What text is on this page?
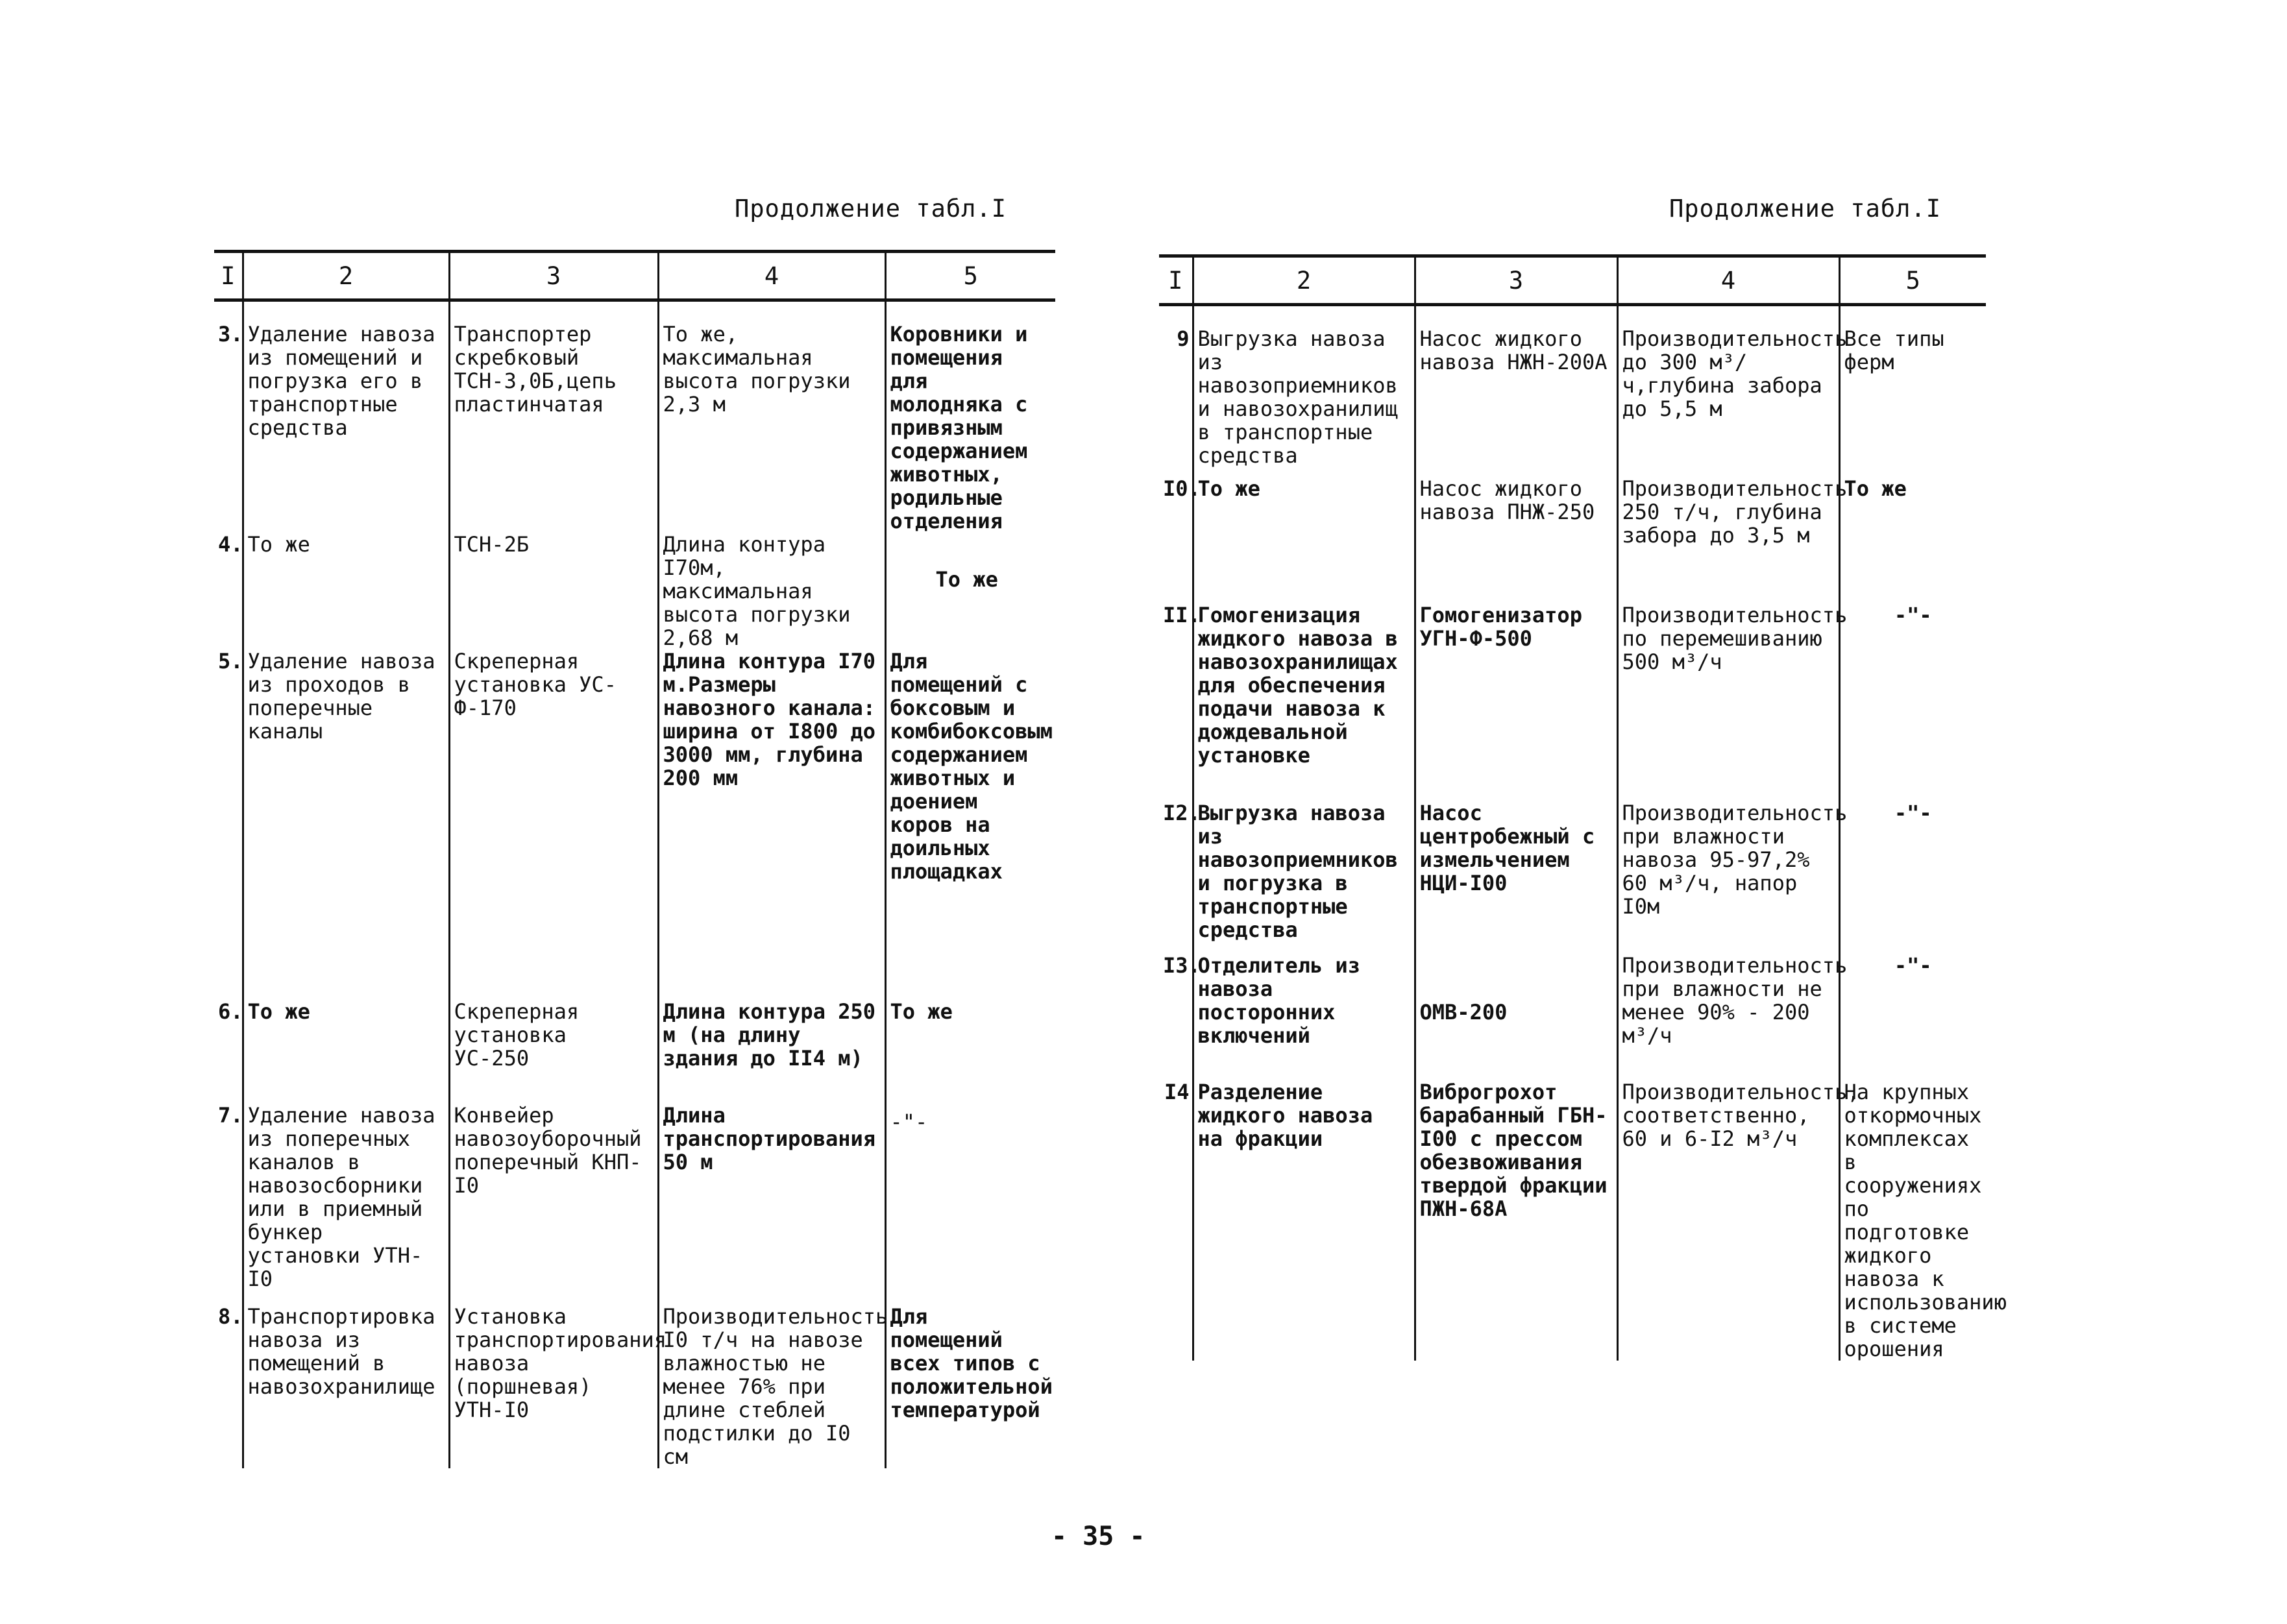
Продолжение табл.I	Продолжение табл.I
I	2	3	4	5
3.	Удаление навоза из помещений и погрузка его в транспортные средства	Транспортер скребковый ТСН-3,0Б,цепь пластинчатая	То же, максимальная высота погрузки 2,3 м	Коровники и помещения для молодняка с привязным содержанием животных, родильные отделения
4.	То же	ТСН-2Б	Длина контура I70м, максимальная высота погрузки 2,68 м	То же
5.	Удаление навоза из проходов в поперечные каналы	Скреперная установка УС-Ф-170	Длина контура I70 м.Размеры навозного канала: ширина от I800 до 3000 мм, глубина 200 мм	Для помещений с боксовым и комбибоксовым содержанием животных и доением коров на доильных площадках
6.	То же	Скреперная установка УС-250	Длина контура 250 м (на длину здания до II4 м)	То же
7.	Удаление навоза из поперечных каналов в навозосборники или в приемный бункер установки УТН-I0	Конвейер навозоуборочный поперечный КНП-I0	Длина транспортирования 50 м	-"-
8.	Транспортировка навоза из помещений в навозохранилище	Установка транспортирования навоза (поршневая) УТН-I0	Производительность I0 т/ч на навозе влажностью не менее 76% при длине стеблей подстилки до I0 см	Для помещений всех типов с положительной температурой
I	2	3	4	5
9	Выгрузка навоза из навозоприемников и навозохранилищ в транспортные средства	Насос жидкого навоза НЖН-200А	Производительность до 300 м³/ч,глубина забора до 5,5 м	Все типы ферм
I0.	То же	Насос жидкого навоза ПНЖ-250	Производительность 250 т/ч, глубина забора до 3,5 м	То же
II.	Гомогенизация жидкого навоза в навозохранилищах для обеспечения подачи навоза к дождевальной установке	Гомогенизатор УГН-Ф-500	Производительность по перемешиванию 500 м³/ч	-"-
I2.	Выгрузка навоза из навозоприемников и погрузка в транспортные средства	Насос центробежный с измельчением НЦИ-I00	Производительность при влажности навоза 95-97,2% 60 м³/ч, напор I0м	-"-
I3.	Отделитель из навоза посторонних включений	ОМВ-200	Производительность при влажности не менее 90% - 200 м³/ч	-"-
I4	Разделение жидкого навоза на фракции	Виброгрохот барабанный ГБН-I00 с прессом обезвоживания твердой фракции ПЖН-68А	Производительность, соответственно, 60 и 6-I2 м³/ч	На крупных откормочных комплексах в сооружениях по подготовке жидкого навоза к использованию в системе орошения
- 35 -
